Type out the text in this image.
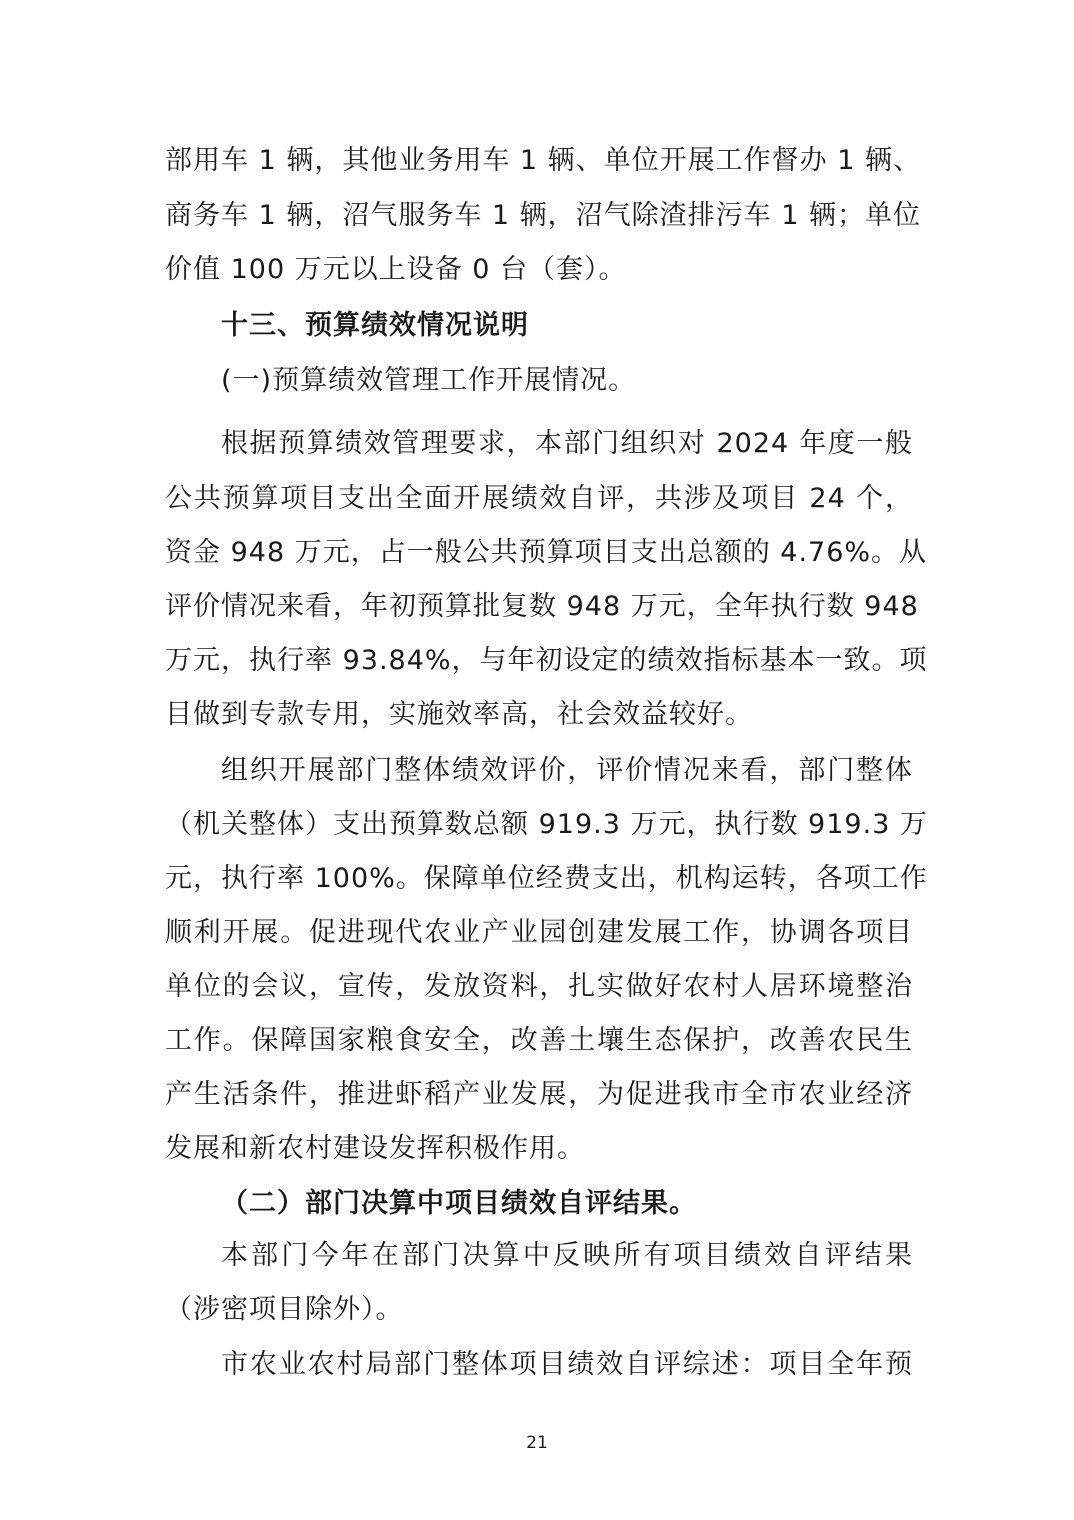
部用车 1 辆，其他业务用车 1 辆、单位开展工作督办 1 辆、
商务车 1 辆，沼气服务车 1 辆，沼气除渣排污车 1 辆；单位
价值 100 万元以上设备 0 台（套）。
十三、预算绩效情况说明
(一)预算绩效管理工作开展情况。
根据预算绩效管理要求，本部门组织对 2024 年度一般
公共预算项目支出全面开展绩效自评，共涉及项目 24 个，
资金 948 万元，占一般公共预算项目支出总额的 4.76%。从
评价情况来看，年初预算批复数 948 万元，全年执行数 948
万元，执行率 93.84%，与年初设定的绩效指标基本一致。项
目做到专款专用，实施效率高，社会效益较好。
组织开展部门整体绩效评价，评价情况来看，部门整体
（机关整体）支出预算数总额 919.3 万元，执行数 919.3 万
元，执行率 100%。保障单位经费支出，机构运转，各项工作
顺利开展。促进现代农业产业园创建发展工作，协调各项目
单位的会议，宣传，发放资料，扎实做好农村人居环境整治
工作。保障国家粮食安全，改善土壤生态保护，改善农民生
产生活条件，推进虾稻产业发展，为促进我市全市农业经济
发展和新农村建设发挥积极作用。
（二）部门决算中项目绩效自评结果。
本部门今年在部门决算中反映所有项目绩效自评结果
（涉密项目除外）。
市农业农村局部门整体项目绩效自评综述：项目全年预
21
